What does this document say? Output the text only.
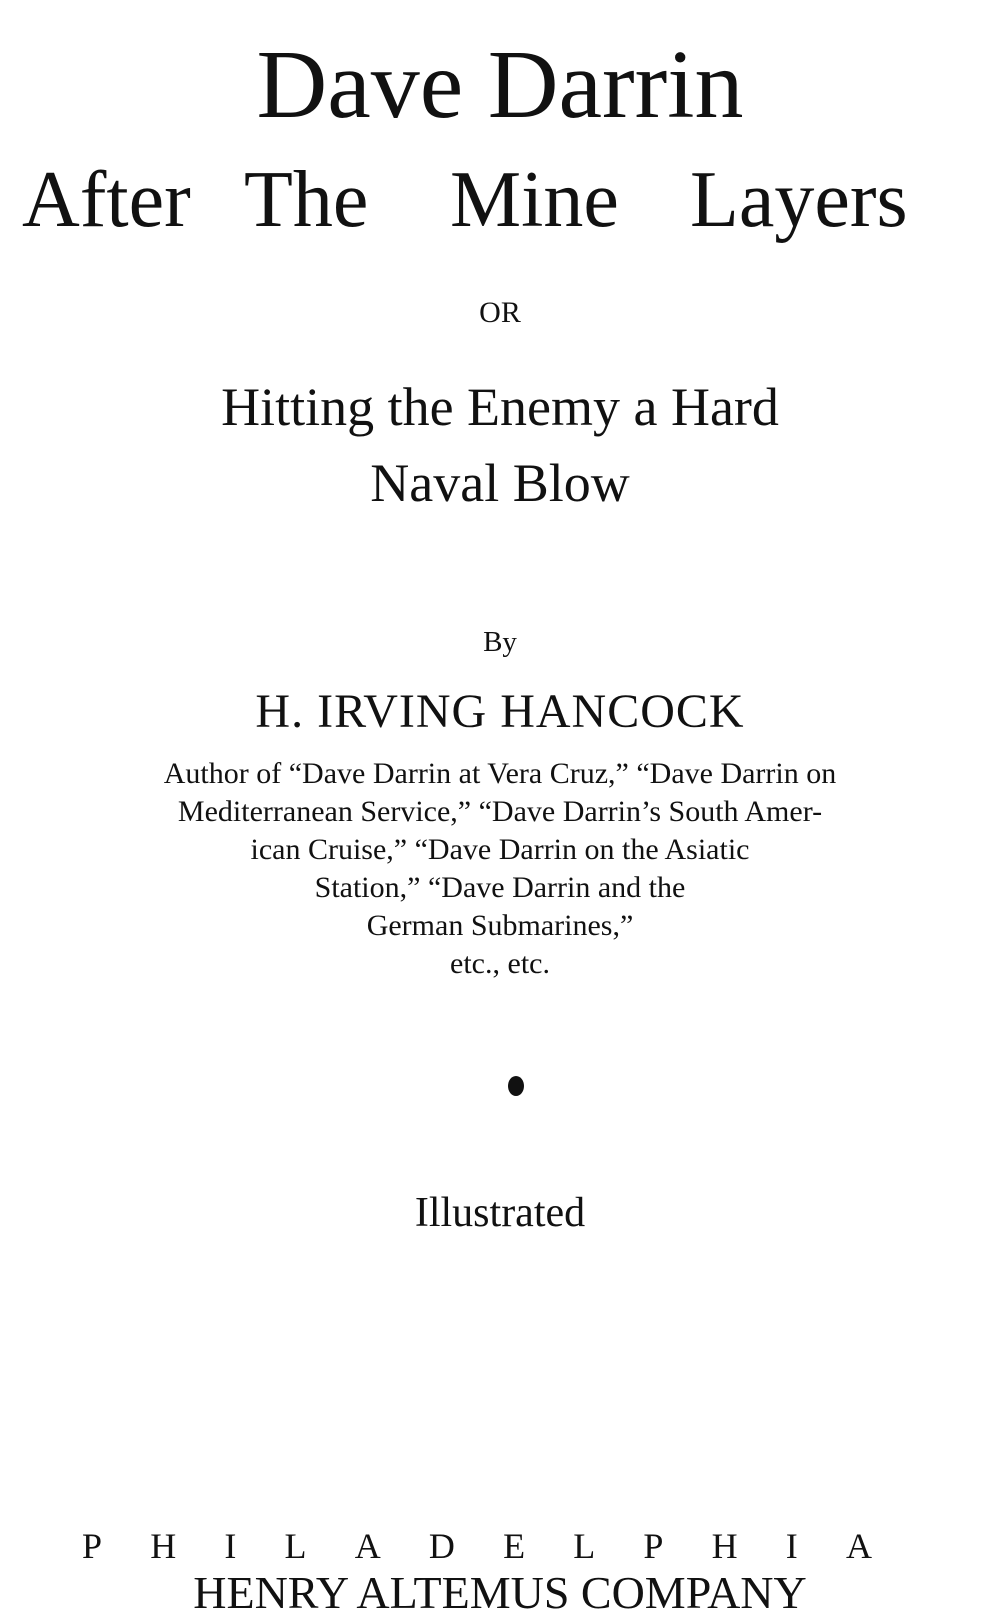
Dave Darrin
After The Mine Layers
OR
Hitting the Enemy a Hard
Naval Blow
By
H. IRVING HANCOCK
Author of “Dave Darrin at Vera Cruz,” “Dave Darrin on
Mediterranean Service,” “Dave Darrin’s South Amer-
ican Cruise,” “Dave Darrin on the Asiatic
Station,” “Dave Darrin and the
German Submarines,”
etc., etc.
Illustrated
P H I L A D E L P H I A
HENRY ALTEMUS COMPANY
